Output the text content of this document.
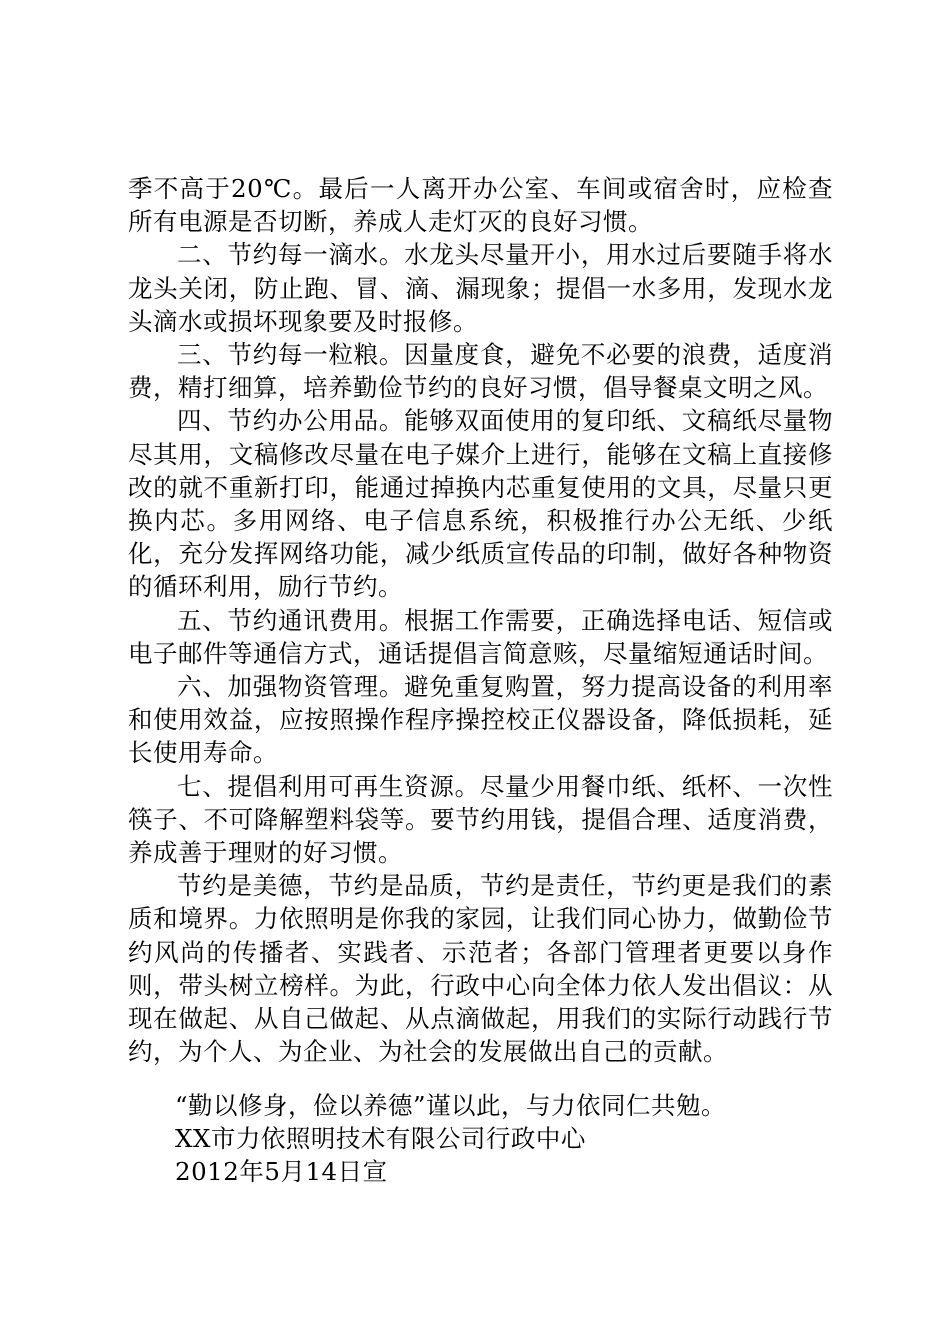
季不高于20℃。最后一人离开办公室、车间或宿舍时，应检查所有电源是否切断，养成人走灯灭的良好习惯。

二、节约每一滴水。水龙头尽量开小，用水过后要随手将水龙头关闭，防止跑、冒、滴、漏现象；提倡一水多用，发现水龙头滴水或损坏现象要及时报修。

三、节约每一粒粮。因量度食，避免不必要的浪费，适度消费，精打细算，培养勤俭节约的良好习惯，倡导餐桌文明之风。

四、节约办公用品。能够双面使用的复印纸、文稿纸尽量物尽其用，文稿修改尽量在电子媒介上进行，能够在文稿上直接修改的就不重新打印，能通过掉换内芯重复使用的文具，尽量只更换内芯。多用网络、电子信息系统，积极推行办公无纸、少纸化，充分发挥网络功能，减少纸质宣传品的印制，做好各种物资的循环利用，励行节约。

五、节约通讯费用。根据工作需要，正确选择电话、短信或电子邮件等通信方式，通话提倡言简意赅，尽量缩短通话时间。

六、加强物资管理。避免重复购置，努力提高设备的利用率和使用效益，应按照操作程序操控校正仪器设备，降低损耗，延长使用寿命。

七、提倡利用可再生资源。尽量少用餐巾纸、纸杯、一次性筷子、不可降解塑料袋等。要节约用钱，提倡合理、适度消费，养成善于理财的好习惯。

节约是美德，节约是品质，节约是责任，节约更是我们的素质和境界。力依照明是你我的家园，让我们同心协力，做勤俭节约风尚的传播者、实践者、示范者；各部门管理者更要以身作则，带头树立榜样。为此，行政中心向全体力依人发出倡议：从现在做起、从自己做起、从点滴做起，用我们的实际行动践行节约，为个人、为企业、为社会的发展做出自己的贡献。

“勤以修身，俭以养德”谨以此，与力依同仁共勉。
XX市力依照明技术有限公司行政中心
2012年5月14日宣
